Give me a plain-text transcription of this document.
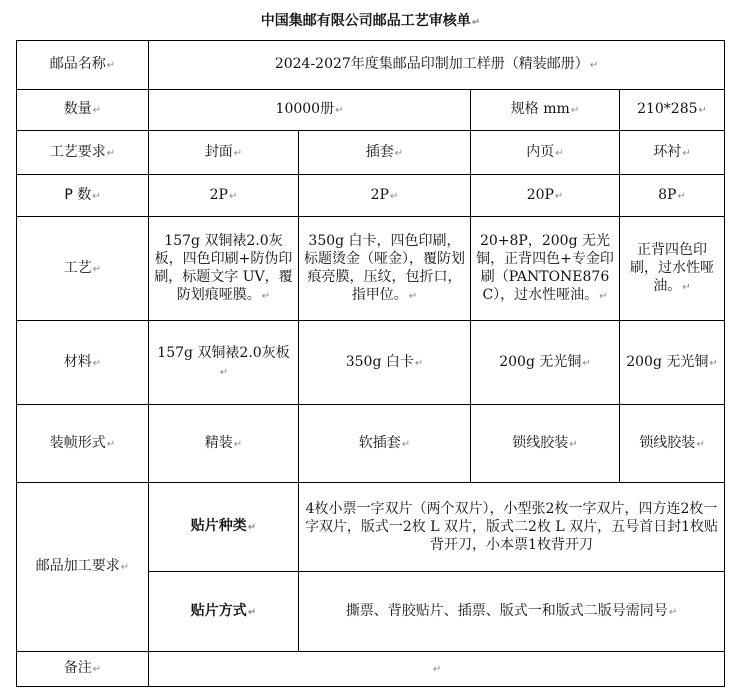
中国集邮有限公司邮品工艺审核单↵
邮品名称↵	2024-2027年度集邮品印制加工样册（精装邮册）↵			
数量↵	10000册↵		规格 mm↵	210*285↵
工艺要求↵	封面↵	插套↵	内页↵	环衬↵
P 数↵	2P↵	2P↵	20P↵	8P↵
工艺↵	157g 双铜裱2.0灰板，四色印刷+防伪印刷，标题文字 UV，覆防划痕哑膜。↵	350g 白卡，四色印刷，标题烫金（哑金），覆防划痕亮膜，压纹，包折口，指甲位。↵	20+8P，200g 无光铜，正背四色+专金印刷（PANTONE876C），过水性哑油。↵	正背四色印刷，过水性哑油。↵
材料↵	157g 双铜裱2.0灰板↵	350g 白卡↵	200g 无光铜↵	200g 无光铜↵
装帧形式↵	精装↵	软插套↵	锁线胶装↵	锁线胶装↵
邮品加工要求↵	贴片种类↵	4枚小票一字双片（两个双片），小型张2枚一字双片，四方连2枚一字双片，版式一2枚 L 双片，版式二2枚 L 双片，五号首日封1枚贴背开刀，小本票1枚背开刀		
	贴片方式↵	撕票、背胶贴片、插票、版式一和版式二版号需同号↵		
备注↵	↵			
